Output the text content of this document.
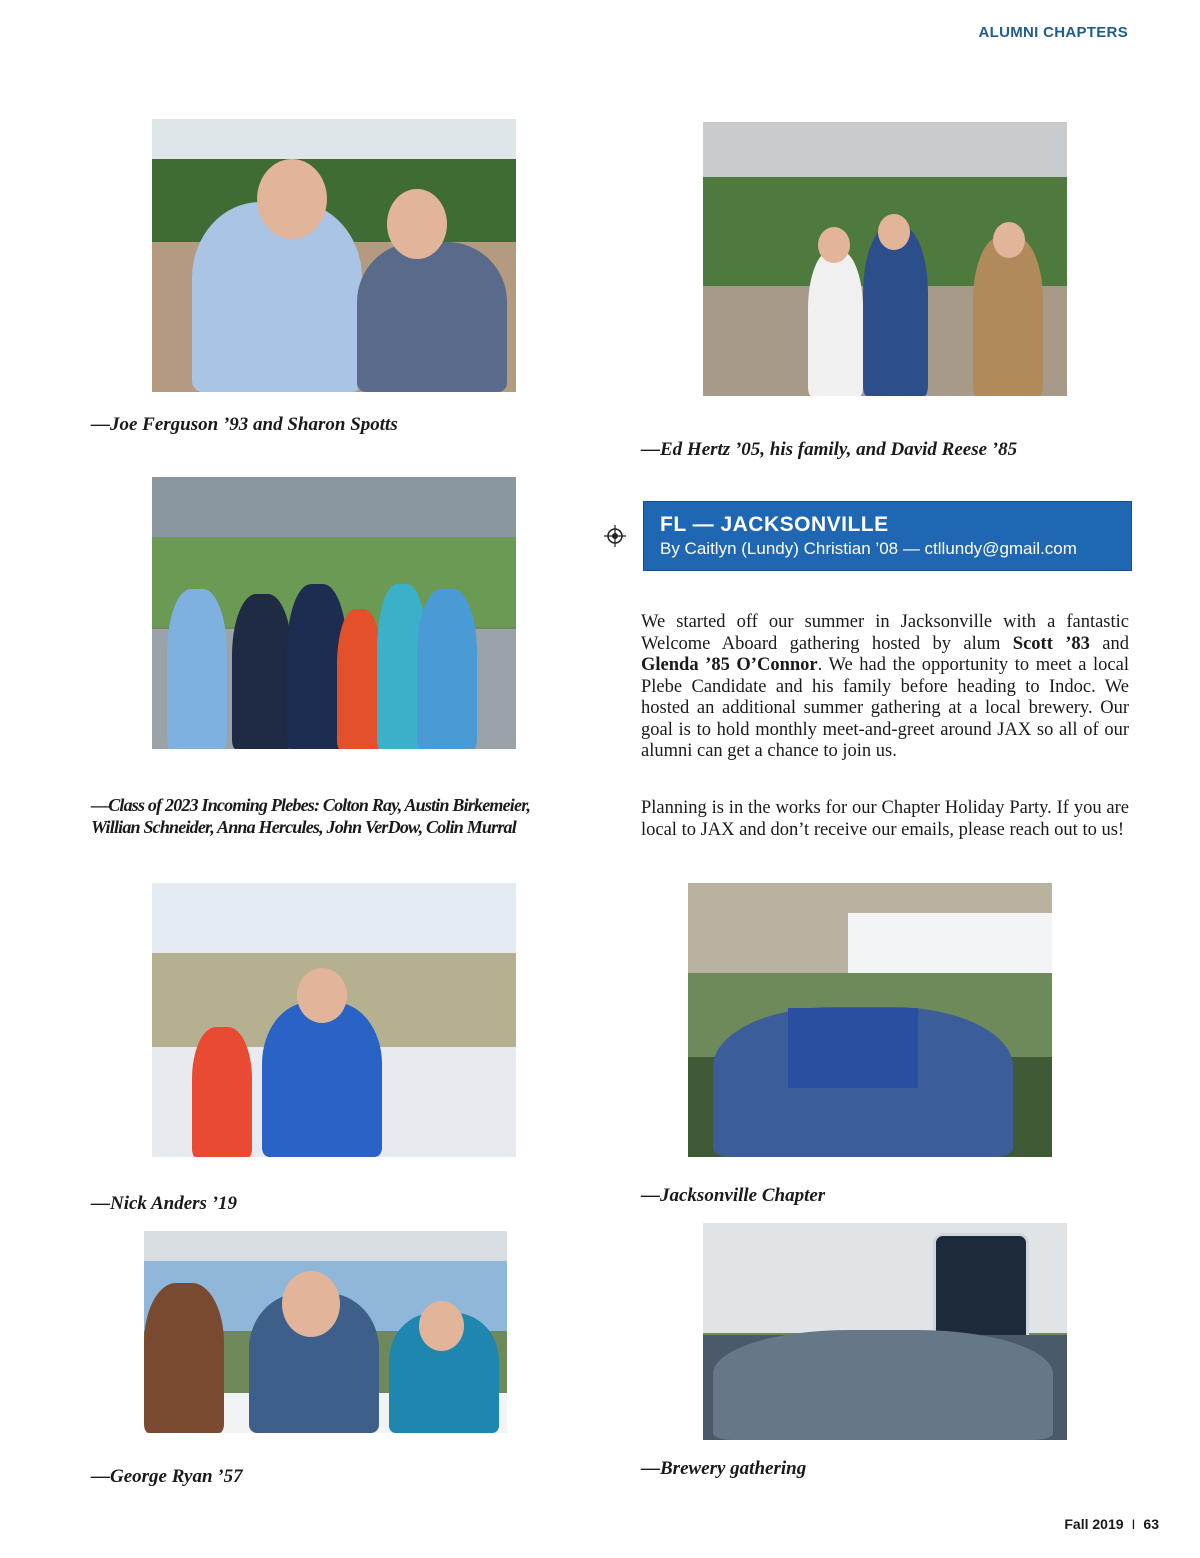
ALUMNI CHAPTERS
—Joe Ferguson ’93 and Sharon Spotts
—Ed Hertz ’05, his family, and David Reese ’85
—Class of 2023 Incoming Plebes: Colton Ray, Austin Birkemeier,
Willian Schneider, Anna Hercules, John VerDow, Colin Murral
—Nick Anders ’19	—Jacksonville Chapter
—George Ryan ’57	—Brewery gathering
FL — JACKSONVILLE
By Caitlyn (Lundy) Christian ’08 — ctllundy@gmail.com
We started off our summer in Jacksonville with a fantastic Welcome Aboard gathering hosted by alum Scott ’83 and Glenda ’85 O’Connor. We had the opportunity to meet a local Plebe Candidate and his family before heading to Indoc. We hosted an additional summer gathering at a local brewery. Our goal is to hold monthly meet-and-greet around JAX so all of our alumni can get a chance to join us.
Planning is in the works for our Chapter Holiday Party. If you are local to JAX and don’t receive our emails, please reach out to us!
Fall 2019 I 63
